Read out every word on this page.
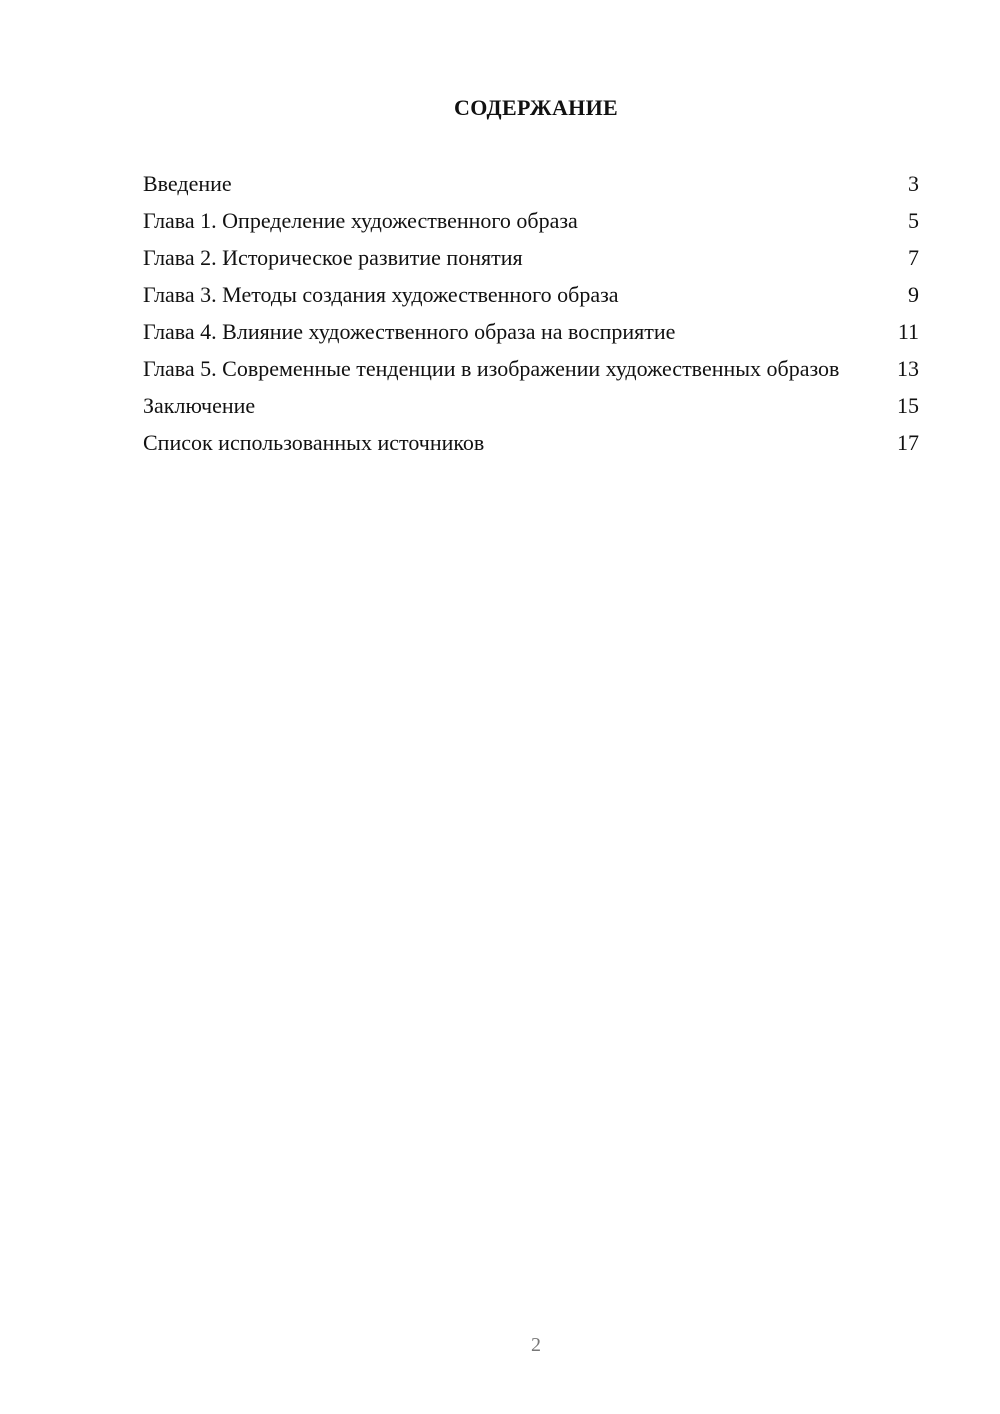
СОДЕРЖАНИЕ
Введение	3
Глава 1. Определение художественного образа	5
Глава 2. Историческое развитие понятия	7
Глава 3. Методы создания художественного образа	9
Глава 4. Влияние художественного образа на восприятие	11
Глава 5. Современные тенденции в изображении художественных образов	13
Заключение	15
Список использованных источников	17
2
